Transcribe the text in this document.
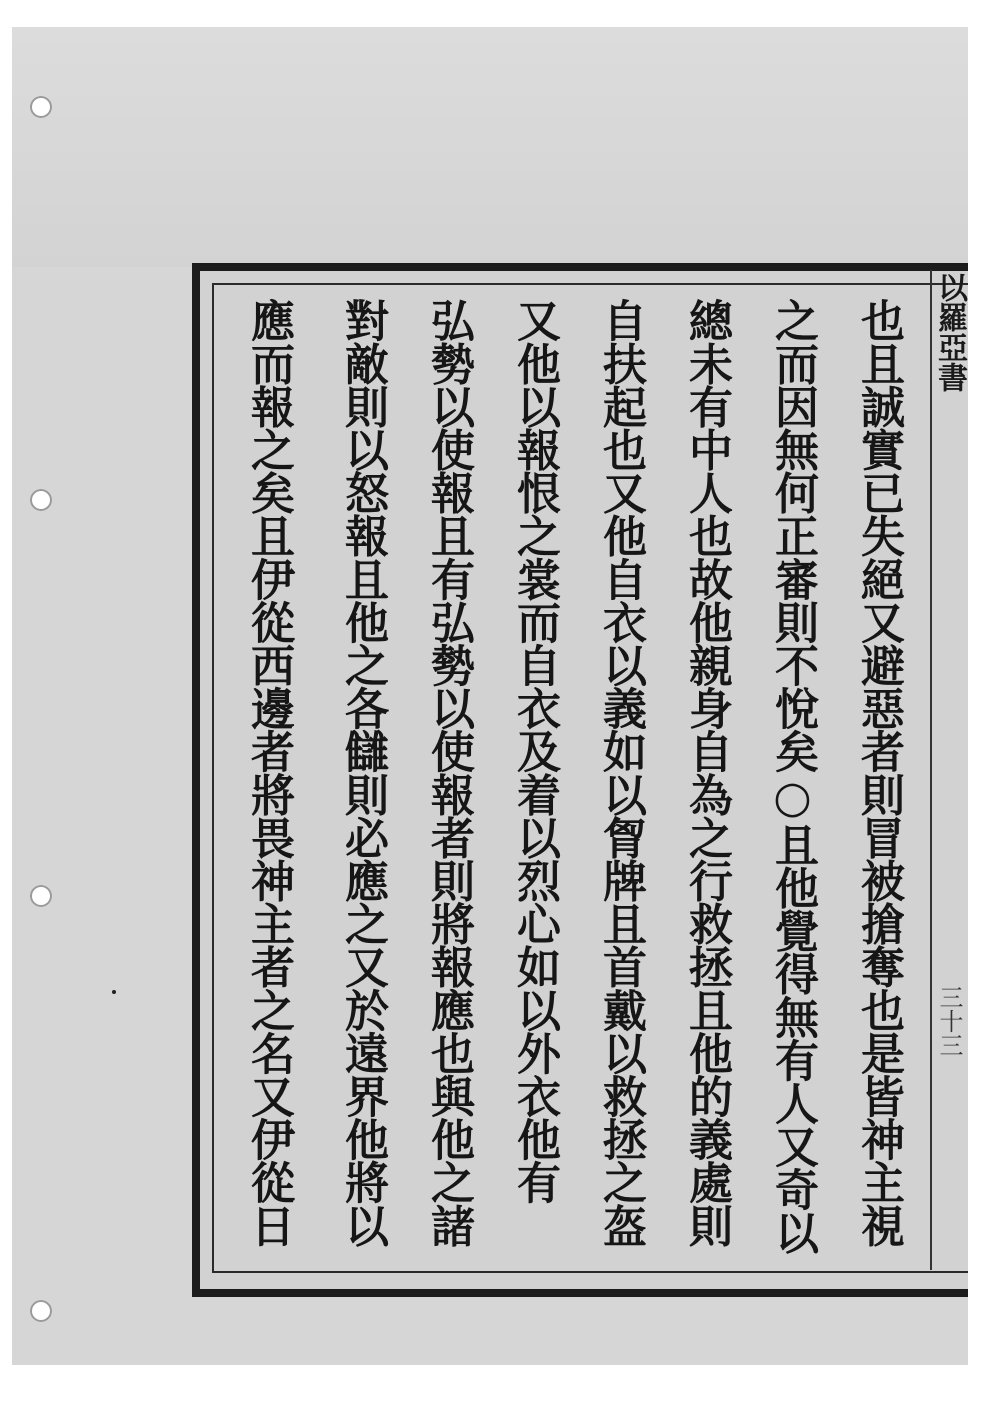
以羅亞書
三十三
也且誠實已失絕又避惡者則冒被搶奪也是皆神主視
之而因無何正審則不悅矣○且他覺得無有人又奇以
總未有中人也故他親身自為之行救拯且他的義處則
自扶起也又他自衣以義如以胷牌且首戴以救拯之盔
又他以報恨之裳而自衣及着以烈心如以外衣他有
弘勢以使報且有弘勢以使報者則將報應也與他之諸
對敵則以怒報且他之各讎則必應之又於遠界他將以
應而報之矣且伊從西邊者將畏神主者之名又伊從日
